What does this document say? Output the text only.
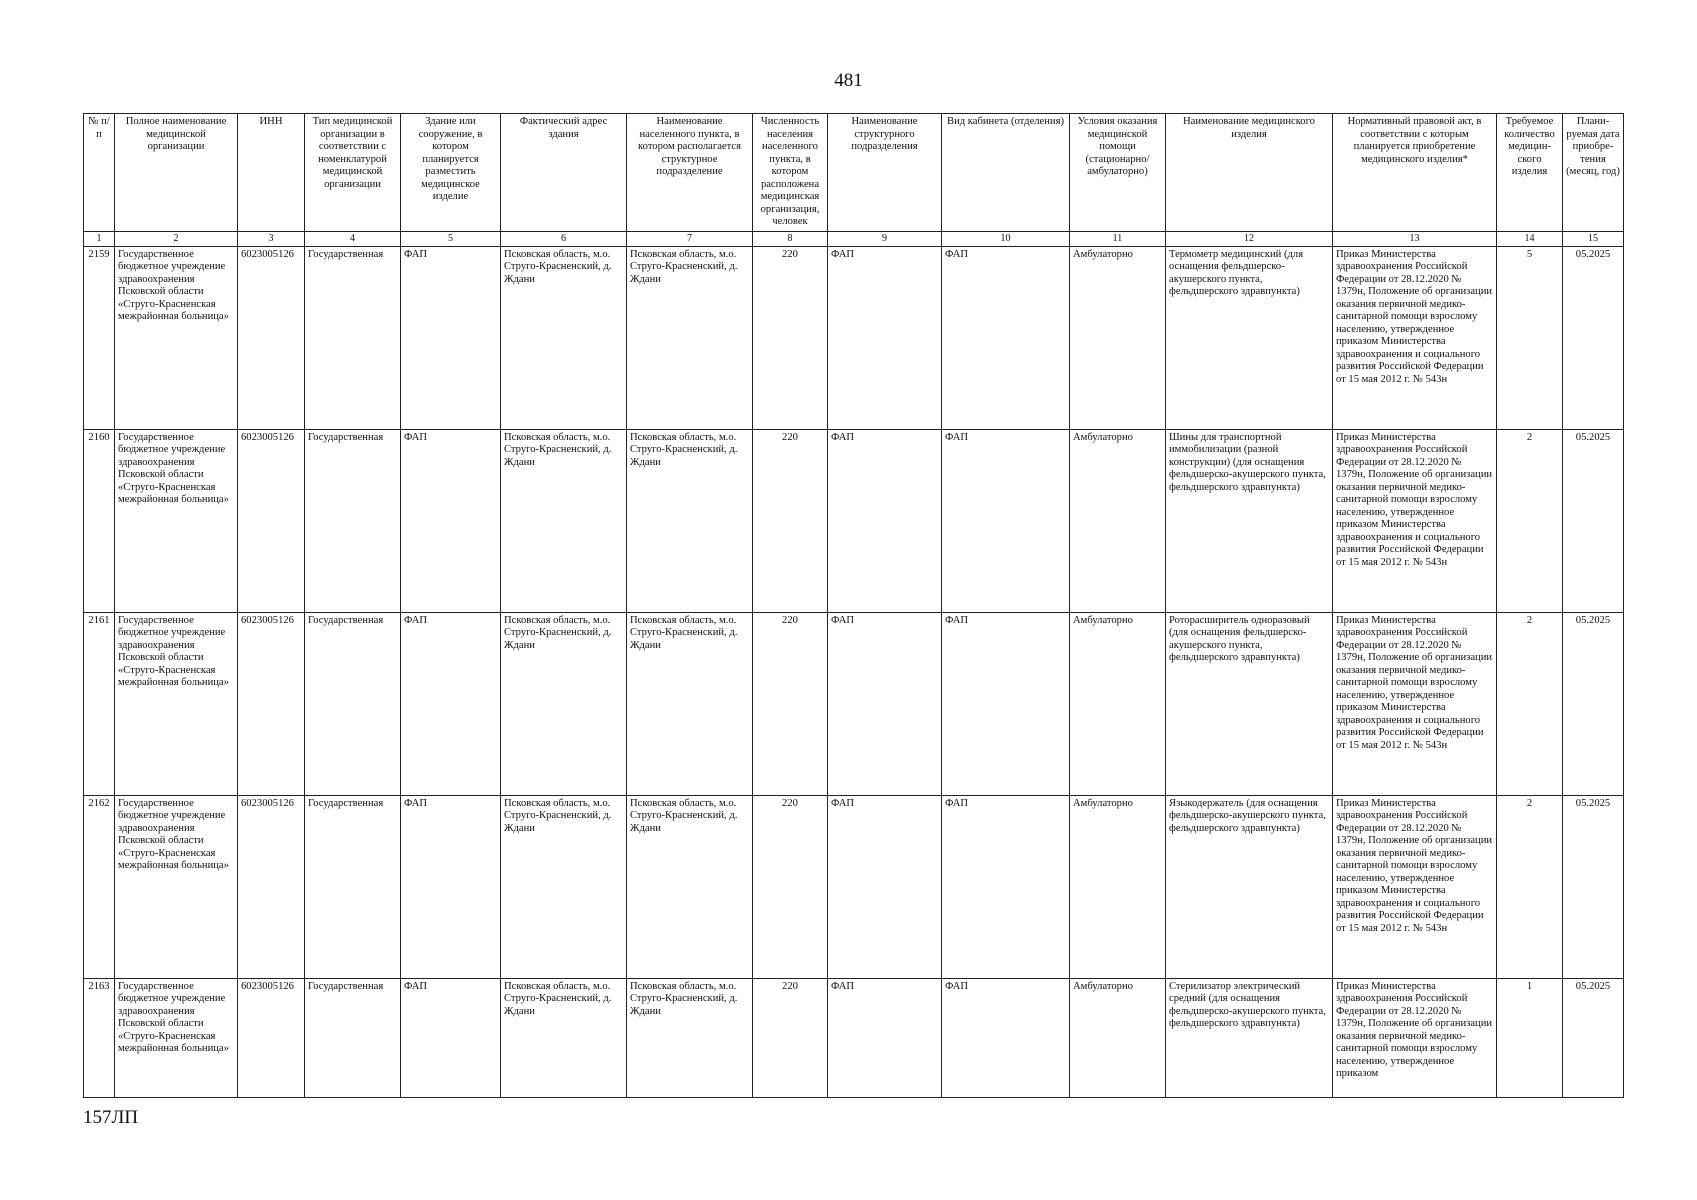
481
№ п/п	Полное наименование медицинской организации	ИНН	Тип медицинской организации в соответствии с номенклатурой медицинской организации	Здание или сооружение, в котором планируется разместить медицинское изделие	Фактический адрес здания	Наименование населенного пункта, в котором располагается структурное подразделение	Численность населения населенного пункта, в котором расположена медицинская организация, человек	Наименование структурного подразделения	Вид кабинета (отделения)	Условия оказания медицинской помощи (стационарно/ амбулаторно)	Наименование медицинского изделия	Нормативный правовой акт, в соответствии с которым планируется приобретение медицинского изделия*	Требуемое количество медицин-ского изделия	Плани-руемая дата приобре-тения (месяц, год)
1	2	3	4	5	6	7	8	9	10	11	12	13	14	15
2159	Государственное бюджетное учреждение здравоохранения Псковской области «Стругo-Красненская межрайонная больница»	6023005126	Государственная	ФАП	Псковская область, м.о. Струго-Красненский, д. Ждани	Псковская область, м.о. Струго-Красненский, д. Ждани	220	ФАП	ФАП	Амбулаторно	Термометр медицинский (для оснащения фельдшерско-акушерского пункта, фельдшерского здравпункта)	Приказ Министерства здравоохранения Российской Федерации от 28.12.2020 № 1379н, Положение об организации оказания первичной медико-санитарной помощи взрослому населению, утвержденное приказом Министерства здравоохранения и социального развития Российской Федерации от 15 мая 2012 г. № 543н	5	05.2025
2160	Государственное бюджетное учреждение здравоохранения Псковской области «Струго-Красненская межрайонная больница»	6023005126	Государственная	ФАП	Псковская область, м.о. Струго-Красненский, д. Ждани	Псковская область, м.о. Струго-Красненский, д. Ждани	220	ФАП	ФАП	Амбулаторно	Шины для транспортной иммобилизации (разной конструкции) (для оснащения фельдшерско-акушерского пункта, фельдшерского здравпункта)	Приказ Министерства здравоохранения Российской Федерации от 28.12.2020 № 1379н, Положение об организации оказания первичной медико-санитарной помощи взрослому населению, утвержденное приказом Министерства здравоохранения и социального развития Российской Федерации от 15 мая 2012 г. № 543н	2	05.2025
2161	Государственное бюджетное учреждение здравоохранения Псковской области «Струго-Красненская межрайонная больница»	6023005126	Государственная	ФАП	Псковская область, м.о. Струго-Красненский, д. Ждани	Псковская область, м.о. Струго-Красненский, д. Ждани	220	ФАП	ФАП	Амбулаторно	Роторасширитель одноразовый (для оснащения фельдшерско-акушерского пункта, фельдшерского здравпункта)	Приказ Министерства здравоохранения Российской Федерации от 28.12.2020 № 1379н, Положение об организации оказания первичной медико-санитарной помощи взрослому населению, утвержденное приказом Министерства здравоохранения и социального развития Российской Федерации от 15 мая 2012 г. № 543н	2	05.2025
2162	Государственное бюджетное учреждение здравоохранения Псковской области «Струго-Красненская межрайонная больница»	6023005126	Государственная	ФАП	Псковская область, м.о. Струго-Красненский, д. Ждани	Псковская область, м.о. Струго-Красненский, д. Ждани	220	ФАП	ФАП	Амбулаторно	Языкодержатель (для оснащения фельдшерско-акушерского пункта, фельдшерского здравпункта)	Приказ Министерства здравоохранения Российской Федерации от 28.12.2020 № 1379н, Положение об организации оказания первичной медико-санитарной помощи взрослому населению, утвержденное приказом Министерства здравоохранения и социального развития Российской Федерации от 15 мая 2012 г. № 543н	2	05.2025
2163	Государственное бюджетное учреждение здравоохранения Псковской области «Струго-Красненская межрайонная больница»	6023005126	Государственная	ФАП	Псковская область, м.о. Струго-Красненский, д. Ждани	Псковская область, м.о. Струго-Красненский, д. Ждани	220	ФАП	ФАП	Амбулаторно	Стерилизатор электрический средний (для оснащения фельдшерско-акушерского пункта, фельдшерского здравпункта)	Приказ Министерства здравоохранения Российской Федерации от 28.12.2020 № 1379н, Положение об организации оказания первичной медико-санитарной помощи взрослому населению, утвержденное приказом	1	05.2025
157ЛП
